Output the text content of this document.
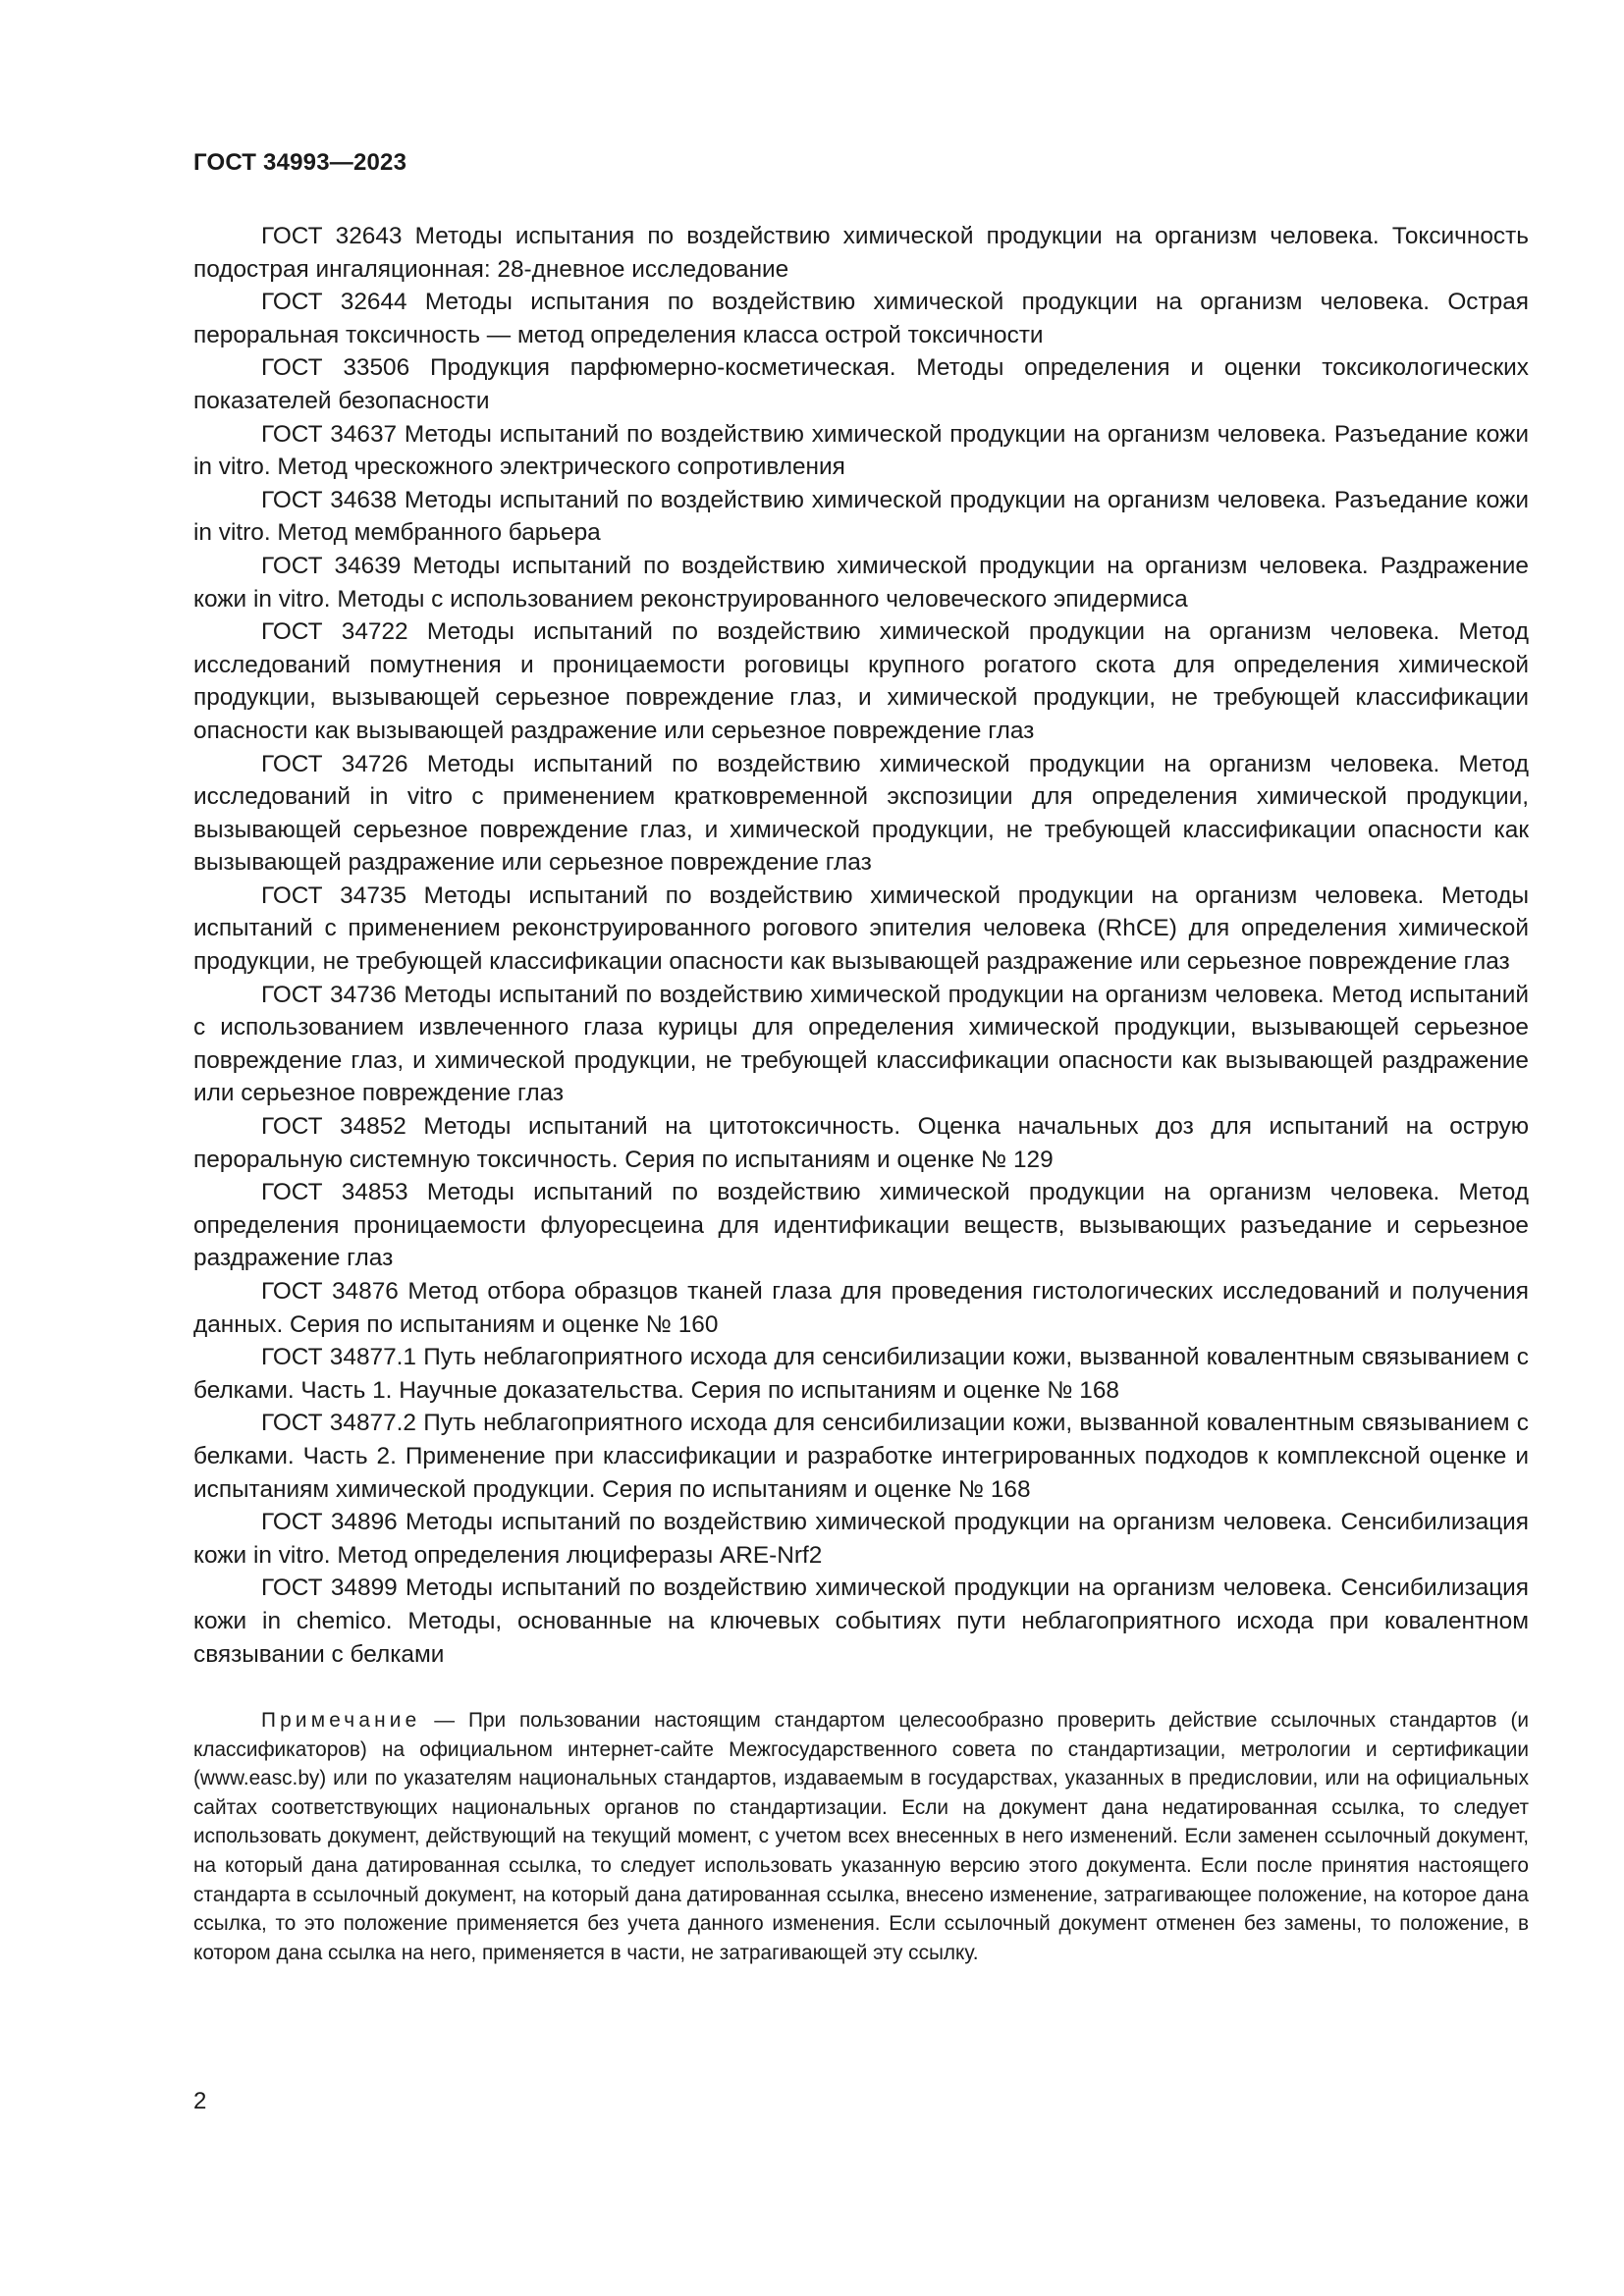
ГОСТ 34993—2023

ГОСТ 32643 Методы испытания по воздействию химической продукции на организм человека. Токсичность подострая ингаляционная: 28-дневное исследование

ГОСТ 32644 Методы испытания по воздействию химической продукции на организм человека. Острая пероральная токсичность — метод определения класса острой токсичности

ГОСТ 33506 Продукция парфюмерно-косметическая. Методы определения и оценки токсикологических показателей безопасности

ГОСТ 34637 Методы испытаний по воздействию химической продукции на организм человека. Разъедание кожи in vitro. Метод чрескожного электрического сопротивления

ГОСТ 34638 Методы испытаний по воздействию химической продукции на организм человека. Разъедание кожи in vitro. Метод мембранного барьера

ГОСТ 34639 Методы испытаний по воздействию химической продукции на организм человека. Раздражение кожи in vitro. Методы с использованием реконструированного человеческого эпидермиса

ГОСТ 34722 Методы испытаний по воздействию химической продукции на организм человека. Метод исследований помутнения и проницаемости роговицы крупного рогатого скота для определения химической продукции, вызывающей серьезное повреждение глаз, и химической продукции, не требующей классификации опасности как вызывающей раздражение или серьезное повреждение глаз

ГОСТ 34726 Методы испытаний по воздействию химической продукции на организм человека. Метод исследований in vitro с применением кратковременной экспозиции для определения химической продукции, вызывающей серьезное повреждение глаз, и химической продукции, не требующей классификации опасности как вызывающей раздражение или серьезное повреждение глаз

ГОСТ 34735 Методы испытаний по воздействию химической продукции на организм человека. Методы испытаний с применением реконструированного рогового эпителия человека (RhCE) для определения химической продукции, не требующей классификации опасности как вызывающей раздражение или серьезное повреждение глаз

ГОСТ 34736 Методы испытаний по воздействию химической продукции на организм человека. Метод испытаний с использованием извлеченного глаза курицы для определения химической продукции, вызывающей серьезное повреждение глаз, и химической продукции, не требующей классификации опасности как вызывающей раздражение или серьезное повреждение глаз

ГОСТ 34852 Методы испытаний на цитотоксичность. Оценка начальных доз для испытаний на острую пероральную системную токсичность. Серия по испытаниям и оценке № 129

ГОСТ 34853 Методы испытаний по воздействию химической продукции на организм человека. Метод определения проницаемости флуоресцеина для идентификации веществ, вызывающих разъедание и серьезное раздражение глаз

ГОСТ 34876 Метод отбора образцов тканей глаза для проведения гистологических исследований и получения данных. Серия по испытаниям и оценке № 160

ГОСТ 34877.1 Путь неблагоприятного исхода для сенсибилизации кожи, вызванной ковалентным связыванием с белками. Часть 1. Научные доказательства. Серия по испытаниям и оценке № 168

ГОСТ 34877.2 Путь неблагоприятного исхода для сенсибилизации кожи, вызванной ковалентным связыванием с белками. Часть 2. Применение при классификации и разработке интегрированных подходов к комплексной оценке и испытаниям химической продукции. Серия по испытаниям и оценке № 168

ГОСТ 34896 Методы испытаний по воздействию химической продукции на организм человека. Сенсибилизация кожи in vitro. Метод определения люциферазы ARE-Nrf2

ГОСТ 34899 Методы испытаний по воздействию химической продукции на организм человека. Сенсибилизация кожи in chemico. Методы, основанные на ключевых событиях пути неблагоприятного исхода при ковалентном связывании с белками

Примечание — При пользовании настоящим стандартом целесообразно проверить действие ссылочных стандартов (и классификаторов) на официальном интернет-сайте Межгосударственного совета по стандартизации, метрологии и сертификации (www.easc.by) или по указателям национальных стандартов, издаваемым в государствах, указанных в предисловии, или на официальных сайтах соответствующих национальных органов по стандартизации. Если на документ дана недатированная ссылка, то следует использовать документ, действующий на текущий момент, с учетом всех внесенных в него изменений. Если заменен ссылочный документ, на который дана датированная ссылка, то следует использовать указанную версию этого документа. Если после принятия настоящего стандарта в ссылочный документ, на который дана датированная ссылка, внесено изменение, затрагивающее положение, на которое дана ссылка, то это положение применяется без учета данного изменения. Если ссылочный документ отменен без замены, то положение, в котором дана ссылка на него, применяется в части, не затрагивающей эту ссылку.

2
